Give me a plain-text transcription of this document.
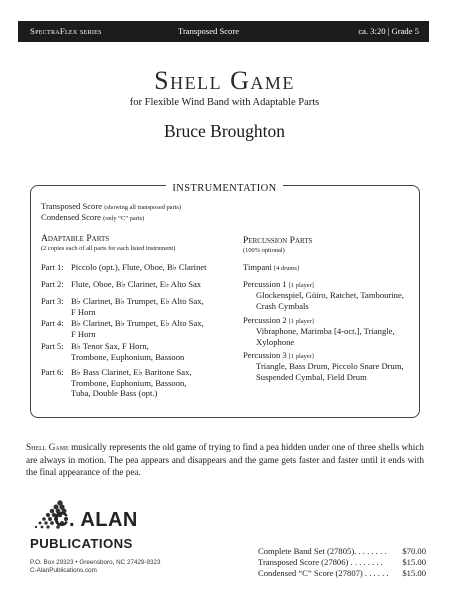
SpectraFlex series	Transposed Score	ca. 3:20 | Grade 5
Shell Game
for Flexible Wind Band with Adaptable Parts
Bruce Broughton
INSTRUMENTATION
Transposed Score (showing all transposed parts)
Condensed Score (only “C” parts)
Adaptable Parts
(2 copies each of all parts for each listed instrument)
Part 1: Piccolo (opt.), Flute, Oboe, B♭ Clarinet
Part 2: Flute, Oboe, B♭ Clarinet, E♭ Alto Sax
Part 3: B♭ Clarinet, B♭ Trumpet, E♭ Alto Sax,
F Horn
Part 4: B♭ Clarinet, B♭ Trumpet, E♭ Alto Sax,
F Horn
Part 5: B♭ Tenor Sax, F Horn,
Trombone, Euphonium, Bassoon
Part 6: B♭ Bass Clarinet, E♭ Baritone Sax,
Trombone, Euphonium, Bassoon,
Tuba, Double Bass (opt.)
Percussion Parts
(100% optional)
Timpani [4 drums]
Percussion 1 [1 player]
Glockenspiel, Güiro, Ratchet, Tambourine,
Crash Cymbals
Percussion 2 [1 player]
Vibraphone, Marimba [4-oct.], Triangle,
Xylophone
Percussion 3 [1 player]
Triangle, Bass Drum, Piccolo Snare Drum,
Suspended Cymbal, Field Drum
Shell Game musically represents the old game of trying to find a pea hidden under one of three shells which are always in motion. The pea appears and disappears and the game gets faster and faster until it ends with the final appearance of the pea.
C. ALAN
PUBLICATIONS
P.O. Box 29323 • Greensboro, NC 27429-9323
C-AlanPublications.com
Complete Band Set (27805). . . . . . . . $70.00
Transposed Score (27806) . . . . . . . . $15.00
Condensed “C” Score (27807) . . . . . . $15.00
